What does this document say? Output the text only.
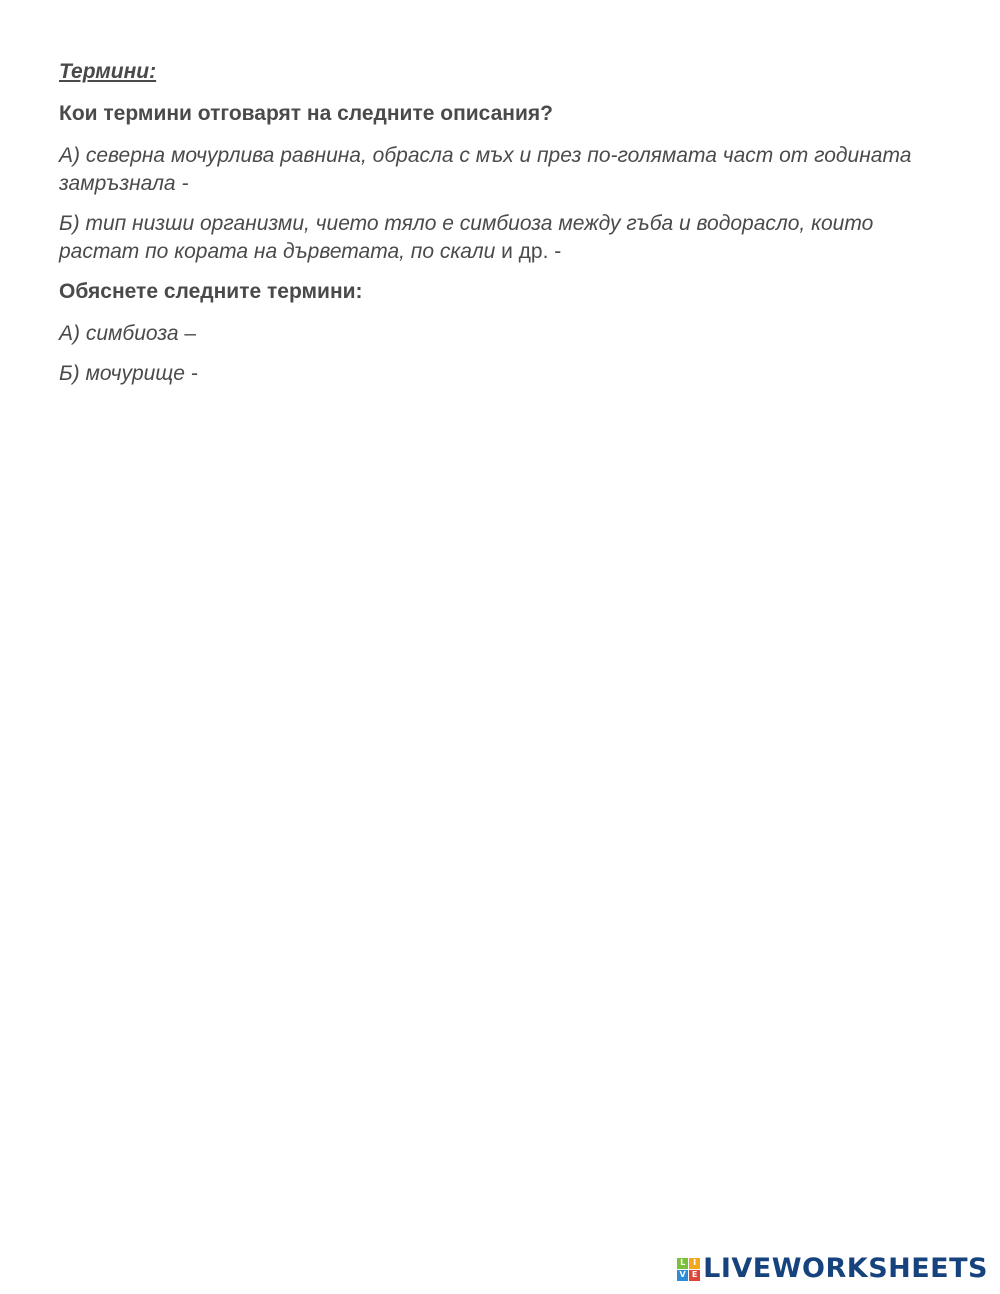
Термини:

Кои термини отговарят на следните описания?

А) северна мочурлива равнина, обрасла с мъх и през по-голямата част от годината замръзнала -

Б) тип низши организми, чието тяло е симбиоза между гъба и водорасло, които растат по кората на дърветата, по скали и др. -

Обяснете следните термини:

А) симбиоза –

Б) мочурище -

L I
V E LIVEWORKSHEETS
